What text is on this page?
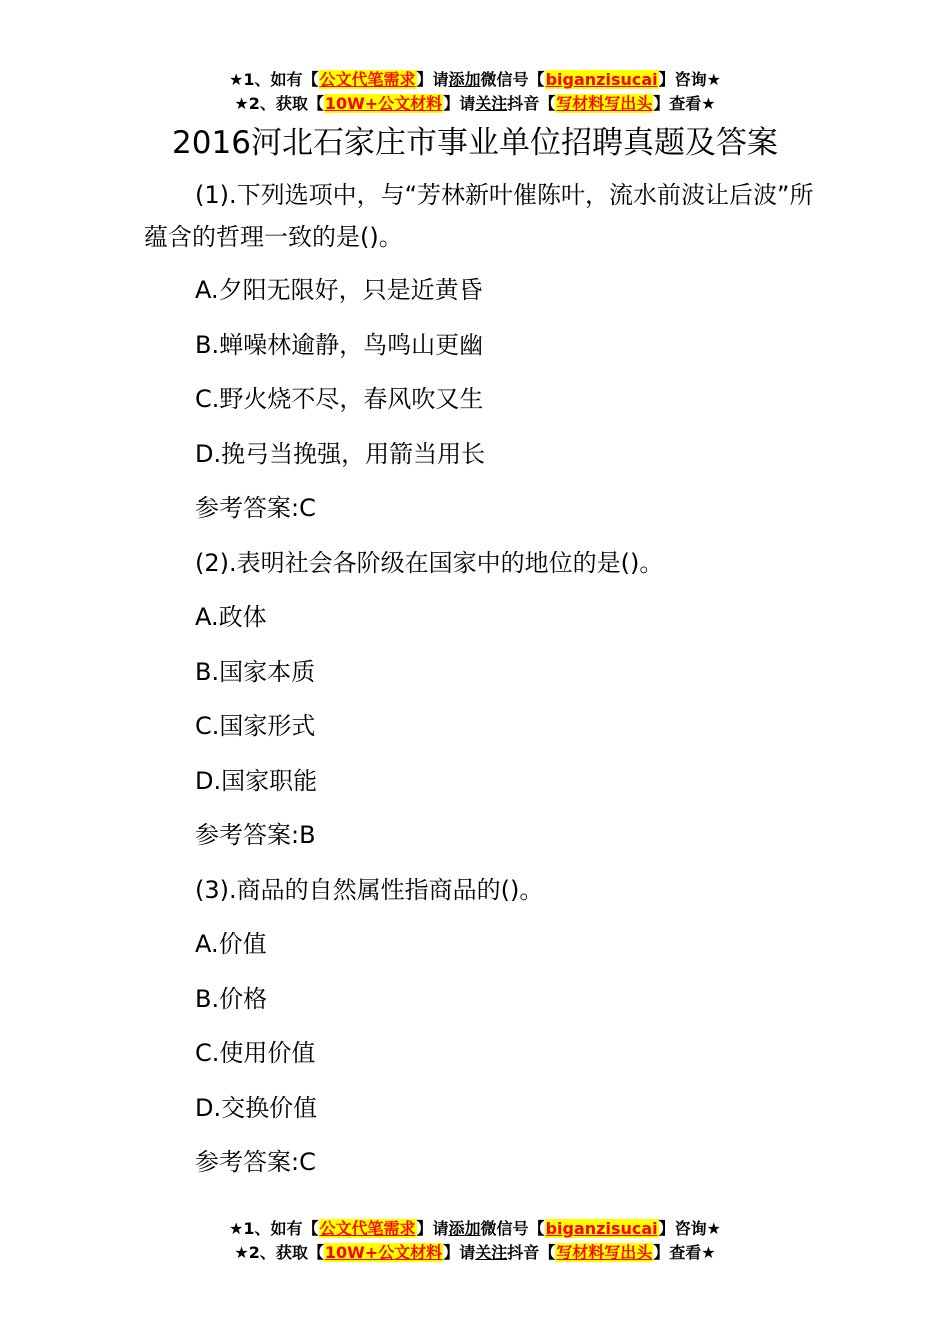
★1、如有【公文代笔需求】请添加微信号【biganzisucai】咨询★
★2、获取【10W+公文材料】请关注抖音【写材料写出头】查看★
2016河北石家庄市事业单位招聘真题及答案
(1).下列选项中，与“芳林新叶催陈叶，流水前波让后波”所蕴含的哲理一致的是()。
A.夕阳无限好，只是近黄昏
B.蝉噪林逾静，鸟鸣山更幽
C.野火烧不尽，春风吹又生
D.挽弓当挽强，用箭当用长
参考答案:C
(2).表明社会各阶级在国家中的地位的是()。
A.政体
B.国家本质
C.国家形式
D.国家职能
参考答案:B
(3).商品的自然属性指商品的()。
A.价值
B.价格
C.使用价值
D.交换价值
参考答案:C
★1、如有【公文代笔需求】请添加微信号【biganzisucai】咨询★
★2、获取【10W+公文材料】请关注抖音【写材料写出头】查看★
